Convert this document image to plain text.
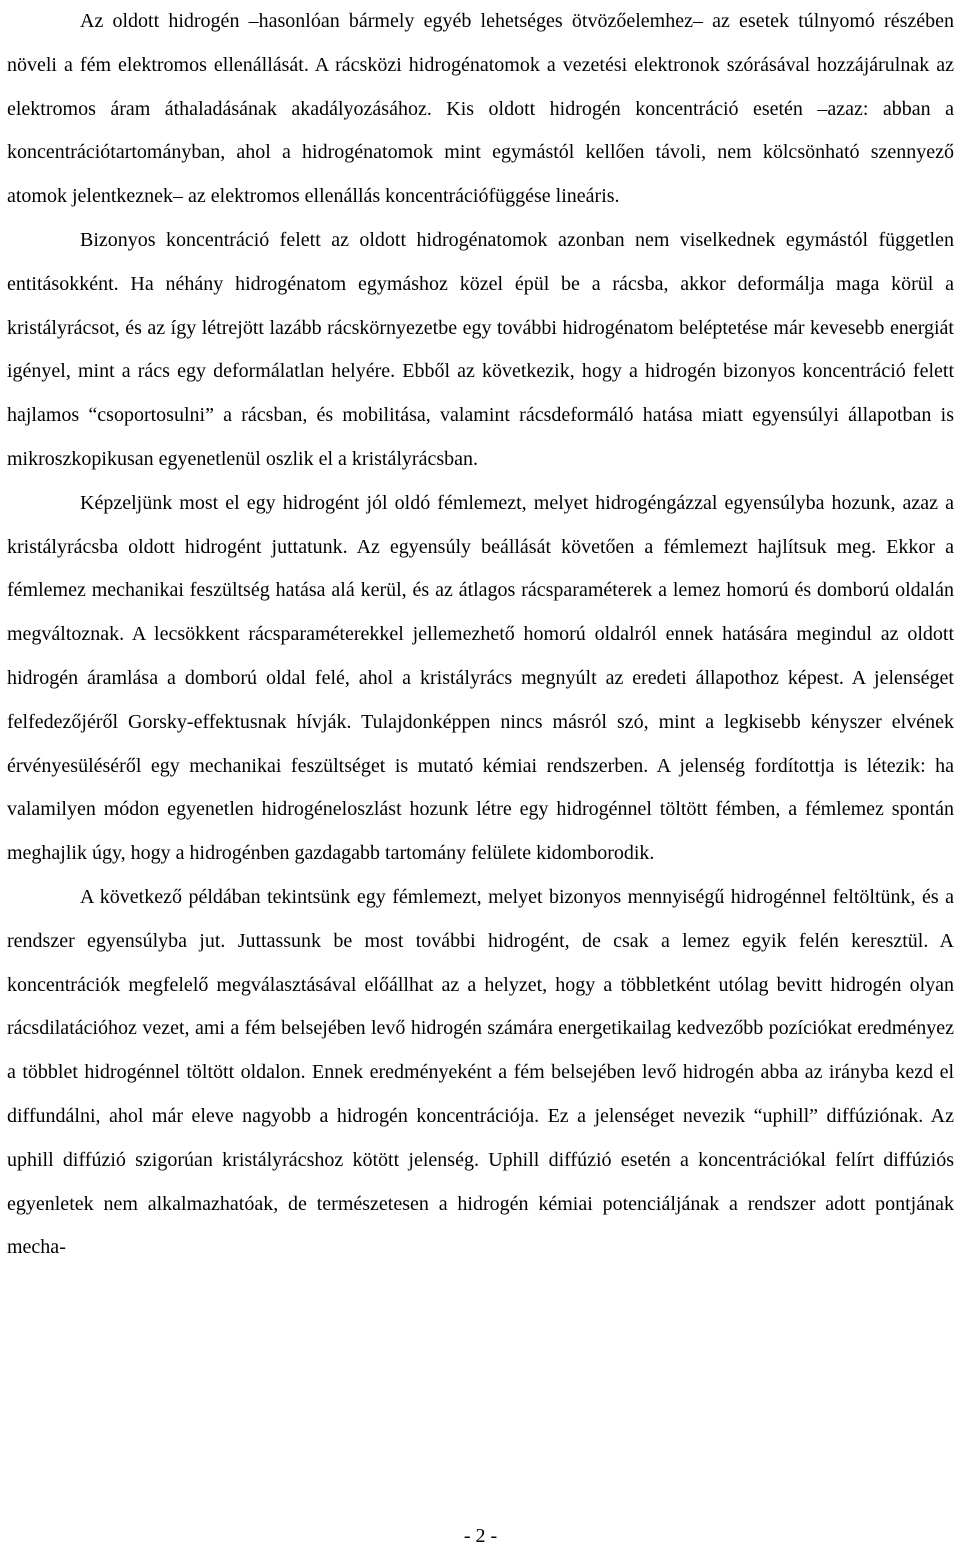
Az oldott hidrogén –hasonlóan bármely egyéb lehetséges ötvözőelemhez– az esetek túlnyomó részében növeli a fém elektromos ellenállását. A rácsközi hidrogénatomok a vezetési elektronok szórásával hozzájárulnak az elektromos áram áthaladásának akadályozásához. Kis oldott hidrogén koncentráció esetén –azaz: abban a koncentrációtartományban, ahol a hidrogénatomok mint egymástól kellően távoli, nem kölcsönható szennyező atomok jelentkeznek– az elektromos ellenállás koncentrációfüggése lineáris.

Bizonyos koncentráció felett az oldott hidrogénatomok azonban nem viselkednek egymástól független entitásokként. Ha néhány hidrogénatom egymáshoz közel épül be a rácsba, akkor deformálja maga körül a kristályrácsot, és az így létrejött lazább rácskörnyezetbe egy további hidrogénatom beléptetése már kevesebb energiát igényel, mint a rács egy deformálatlan helyére. Ebből az következik, hogy a hidrogén bizonyos koncentráció felett hajlamos “csoportosulni” a rácsban, és mobilitása, valamint rácsdeformáló hatása miatt egyensúlyi állapotban is mikroszkopikusan egyenetlenül oszlik el a kristályrácsban.

Képzeljünk most el egy hidrogént jól oldó fémlemezt, melyet hidrogéngázzal egyensúlyba hozunk, azaz a kristályrácsba oldott hidrogént juttatunk. Az egyensúly beállását követően a fémlemezt hajlítsuk meg. Ekkor a fémlemez mechanikai feszültség hatása alá kerül, és az átlagos rácsparaméterek a lemez homorú és domború oldalán megváltoznak. A lecsökkent rácsparaméterekkel jellemezhető homorú oldalról ennek hatására megindul az oldott hidrogén áramlása a domború oldal felé, ahol a kristályrács megnyúlt az eredeti állapothoz képest. A jelenséget felfedezőjéről Gorsky-effektusnak hívják. Tulajdonképpen nincs másról szó, mint a legkisebb kényszer elvének érvényesüléséről egy mechanikai feszültséget is mutató kémiai rendszerben. A jelenség fordítottja is létezik: ha valamilyen módon egyenetlen hidrogéneloszlást hozunk létre egy hidrogénnel töltött fémben, a fémlemez spontán meghajlik úgy, hogy a hidrogénben gazdagabb tartomány felülete kidomborodik.

A következő példában tekintsünk egy fémlemezt, melyet bizonyos mennyiségű hidrogénnel feltöltünk, és a rendszer egyensúlyba jut. Juttassunk be most további hidrogént, de csak a lemez egyik felén keresztül. A koncentrációk megfelelő megválasztásával előállhat az a helyzet, hogy a többletként utólag bevitt hidrogén olyan rácsdilatációhoz vezet, ami a fém belsejében levő hidrogén számára energetikailag kedvezőbb pozíciókat eredményez a többlet hidrogénnel töltött oldalon. Ennek eredményeként a fém belsejében levő hidrogén abba az irányba kezd el diffundálni, ahol már eleve nagyobb a hidrogén koncentrációja. Ez a jelenséget nevezik “uphill” diffúziónak. Az uphill diffúzió szigorúan kristályrácshoz kötött jelenség. Uphill diffúzió esetén a koncentrációkal felírt diffúziós egyenletek nem alkalmazhatóak, de természetesen a hidrogén kémiai potenciáljának a rendszer adott pontjának mecha-

- 2 -
